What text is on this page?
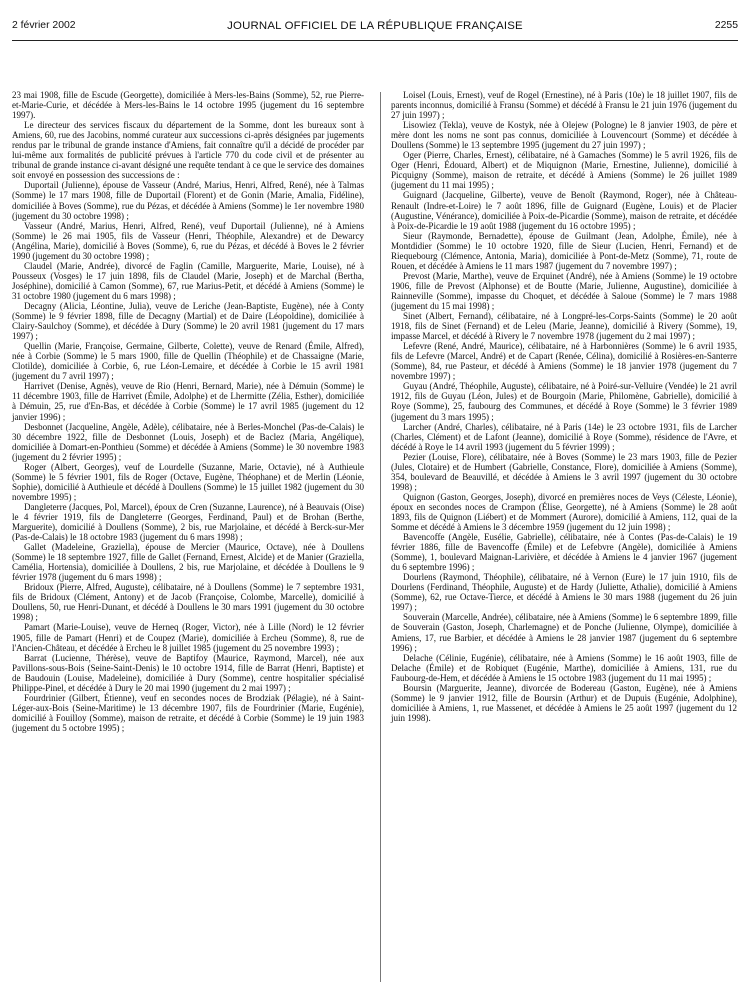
2 février 2002	JOURNAL OFFICIEL DE LA RÉPUBLIQUE FRANÇAISE	2255

23 mai 1908, fille de Escude (Georgette), domiciliée à Mers-les-Bains (Somme), 52, rue Pierre-et-Marie-Curie, et décédée à Mers-les-Bains le 14 octobre 1995 (jugement du 16 septembre 1997).

Le directeur des services fiscaux du département de la Somme, dont les bureaux sont à Amiens, 60, rue des Jacobins, nommé curateur aux successions ci-après désignées par jugements rendus par le tribunal de grande instance d'Amiens, fait connaître qu'il a décidé de procéder par lui-même aux formalités de publicité prévues à l'article 770 du code civil et de présenter au tribunal de grande instance ci-avant désigné une requête tendant à ce que le service des domaines soit envoyé en possession des successions de :

Duportail (Julienne), épouse de Vasseur (André, Marius, Henri, Alfred, René), née à Talmas (Somme) le 17 mars 1908, fille de Duportail (Florent) et de Gonin (Marie, Amalia, Fidéline), domiciliée à Boves (Somme), rue du Pézas, et décédée à Amiens (Somme) le 1er novembre 1980 (jugement du 30 octobre 1998) ;

Vasseur (André, Marius, Henri, Alfred, René), veuf Duportail (Julienne), né à Amiens (Somme) le 26 mai 1905, fils de Vasseur (Henri, Théophile, Alexandre) et de Dewarcy (Angélina, Marie), domicilié à Boves (Somme), 6, rue du Pézas, et décédé à Boves le 2 février 1990 (jugement du 30 octobre 1998) ;

Claudel (Marie, Andrée), divorcé de Faglin (Camille, Marguerite, Marie, Louise), né à Pousseux (Vosges) le 17 juin 1898, fils de Claudel (Marie, Joseph) et de Marchal (Bertha, Joséphine), domicilié à Camon (Somme), 67, rue Marius-Petit, et décédé à Amiens (Somme) le 31 octobre 1980 (jugement du 6 mars 1998) ;

Decagny (Alicia, Léontine, Julia), veuve de Leriche (Jean-Baptiste, Eugène), née à Conty (Somme) le 9 février 1898, fille de Decagny (Martial) et de Daire (Léopoldine), domiciliée à Clairy-Saulchoy (Somme), et décédée à Dury (Somme) le 20 avril 1981 (jugement du 17 mars 1997) ;

Quellin (Marie, Françoise, Germaine, Gilberte, Colette), veuve de Renard (Émile, Alfred), née à Corbie (Somme) le 5 mars 1900, fille de Quellin (Théophile) et de Chassaigne (Marie, Clotilde), domiciliée à Corbie, 6, rue Léon-Lemaire, et décédée à Corbie le 15 avril 1981 (jugement du 7 avril 1997) ;

Harrivet (Denise, Agnès), veuve de Rio (Henri, Bernard, Marie), née à Démuin (Somme) le 11 décembre 1903, fille de Harrivet (Émile, Adolphe) et de Lhermitte (Zélia, Esther), domiciliée à Démuin, 25, rue d'En-Bas, et décédée à Corbie (Somme) le 17 avril 1985 (jugement du 12 janvier 1996) ;

Desbonnet (Jacqueline, Angèle, Adèle), célibataire, née à Berles-Monchel (Pas-de-Calais) le 30 décembre 1922, fille de Desbonnet (Louis, Joseph) et de Baclez (Maria, Angélique), domiciliée à Domart-en-Ponthieu (Somme) et décédée à Amiens (Somme) le 30 novembre 1983 (jugement du 2 février 1995) ;

Roger (Albert, Georges), veuf de Lourdelle (Suzanne, Marie, Octavie), né à Authieule (Somme) le 5 février 1901, fils de Roger (Octave, Eugène, Théophane) et de Merlin (Léonie, Sophie), domicilié à Authieule et décédé à Doullens (Somme) le 15 juillet 1982 (jugement du 30 novembre 1995) ;

Dangleterre (Jacques, Pol, Marcel), époux de Cren (Suzanne, Laurence), né à Beauvais (Oise) le 4 février 1919, fils de Dangleterre (Georges, Ferdinand, Paul) et de Brohan (Berthe, Marguerite), domicilié à Doullens (Somme), 2 bis, rue Marjolaine, et décédé à Berck-sur-Mer (Pas-de-Calais) le 18 octobre 1983 (jugement du 6 mars 1998) ;

Gallet (Madeleine, Graziella), épouse de Mercier (Maurice, Octave), née à Doullens (Somme) le 18 septembre 1927, fille de Gallet (Fernand, Ernest, Alcide) et de Manier (Graziella, Camélia, Hortensia), domiciliée à Doullens, 2 bis, rue Marjolaine, et décédée à Doullens le 9 février 1978 (jugement du 6 mars 1998) ;

Bridoux (Pierre, Alfred, Auguste), célibataire, né à Doullens (Somme) le 7 septembre 1931, fils de Bridoux (Clément, Antony) et de Jacob (Françoise, Colombe, Marcelle), domicilié à Doullens, 50, rue Henri-Dunant, et décédé à Doullens le 30 mars 1991 (jugement du 30 octobre 1998) ;

Pamart (Marie-Louise), veuve de Herneq (Roger, Victor), née à Lille (Nord) le 12 février 1905, fille de Pamart (Henri) et de Coupez (Marie), domiciliée à Ercheu (Somme), 8, rue de l'Ancien-Château, et décédée à Ercheu le 8 juillet 1985 (jugement du 25 novembre 1993) ;

Barrat (Lucienne, Thérèse), veuve de Baptifoy (Maurice, Raymond, Marcel), née aux Pavillons-sous-Bois (Seine-Saint-Denis) le 10 octobre 1914, fille de Barrat (Henri, Baptiste) et de Baudouin (Louise, Madeleine), domiciliée à Dury (Somme), centre hospitalier spécialisé Philippe-Pinel, et décédée à Dury le 20 mai 1990 (jugement du 2 mai 1997) ;

Fourdrinier (Gilbert, Étienne), veuf en secondes noces de Brodziak (Pélagie), né à Saint-Léger-aux-Bois (Seine-Maritime) le 13 décembre 1907, fils de Fourdrinier (Marie, Eugénie), domicilié à Fouilloy (Somme), maison de retraite, et décédé à Corbie (Somme) le 19 juin 1983 (jugement du 5 octobre 1995) ;

Loisel (Louis, Ernest), veuf de Rogel (Ernestine), né à Paris (10e) le 18 juillet 1907, fils de parents inconnus, domicilié à Fransu (Somme) et décédé à Fransu le 21 juin 1976 (jugement du 27 juin 1997) ;

Lisowiez (Tekla), veuve de Kostyk, née à Olejew (Pologne) le 8 janvier 1903, de père et mère dont les noms ne sont pas connus, domiciliée à Louvencourt (Somme) et décédée à Doullens (Somme) le 13 septembre 1995 (jugement du 27 juin 1997) ;

Oger (Pierre, Charles, Ernest), célibataire, né à Gamaches (Somme) le 5 avril 1926, fils de Oger (Henri, Édouard, Albert) et de Miquignon (Marie, Ernestine, Julienne), domicilié à Picquigny (Somme), maison de retraite, et décédé à Amiens (Somme) le 26 juillet 1989 (jugement du 11 mai 1995) ;

Guignard (Jacqueline, Gilberte), veuve de Benoît (Raymond, Roger), née à Château-Renault (Indre-et-Loire) le 7 août 1896, fille de Guignard (Eugène, Louis) et de Placier (Augustine, Vénérance), domiciliée à Poix-de-Picardie (Somme), maison de retraite, et décédée à Poix-de-Picardie le 19 août 1988 (jugement du 16 octobre 1995) ;

Sieur (Raymonde, Bernadette), épouse de Guilmant (Jean, Adolphe, Émile), née à Montdidier (Somme) le 10 octobre 1920, fille de Sieur (Lucien, Henri, Fernand) et de Riequebourg (Clémence, Antonia, Maria), domiciliée à Pont-de-Metz (Somme), 71, route de Rouen, et décédée à Amiens le 11 mars 1987 (jugement du 7 novembre 1997) ;

Prevost (Marie, Marthe), veuve de Erquinet (André), née à Amiens (Somme) le 19 octobre 1906, fille de Prevost (Alphonse) et de Boutte (Marie, Julienne, Augustine), domiciliée à Rainneville (Somme), impasse du Choquet, et décédée à Saloue (Somme) le 7 mars 1988 (jugement du 15 mai 1998) ;

Sinet (Albert, Fernand), célibataire, né à Longpré-les-Corps-Saints (Somme) le 20 août 1918, fils de Sinet (Fernand) et de Leleu (Marie, Jeanne), domicilié à Rivery (Somme), 19, impasse Marcel, et décédé à Rivery le 7 novembre 1978 (jugement du 2 mai 1997) ;

Lefevre (René, André, Maurice), célibataire, né à Harbonnières (Somme) le 6 avril 1935, fils de Lefevre (Marcel, André) et de Capart (Renée, Célina), domicilié à Rosières-en-Santerre (Somme), 84, rue Pasteur, et décédé à Amiens (Somme) le 18 janvier 1978 (jugement du 7 novembre 1997) ;

Guyau (André, Théophile, Auguste), célibataire, né à Poiré-sur-Velluire (Vendée) le 21 avril 1912, fils de Guyau (Léon, Jules) et de Bourgoin (Marie, Philomène, Gabrielle), domicilié à Roye (Somme), 25, faubourg des Communes, et décédé à Roye (Somme) le 3 février 1989 (jugement du 3 mars 1995) ;

Larcher (André, Charles), célibataire, né à Paris (14e) le 23 octobre 1931, fils de Larcher (Charles, Clément) et de Lafont (Jeanne), domicilié à Roye (Somme), résidence de l'Avre, et décédé à Roye le 14 avril 1993 (jugement du 5 février 1999) ;

Pezier (Louise, Flore), célibataire, née à Boves (Somme) le 23 mars 1903, fille de Pezier (Jules, Clotaire) et de Humbert (Gabrielle, Constance, Flore), domiciliée à Amiens (Somme), 354, boulevard de Beauvillé, et décédée à Amiens le 3 avril 1997 (jugement du 30 octobre 1998) ;

Quignon (Gaston, Georges, Joseph), divorcé en premières noces de Veys (Céleste, Léonie), époux en secondes noces de Crampon (Élise, Georgette), né à Amiens (Somme) le 28 août 1893, fils de Quignon (Liébert) et de Mommert (Aurore), domicilié à Amiens, 112, quai de la Somme et décédé à Amiens le 3 décembre 1959 (jugement du 12 juin 1998) ;

Bavencoffe (Angèle, Eusélie, Gabrielle), célibataire, née à Contes (Pas-de-Calais) le 19 février 1886, fille de Bavencoffe (Émile) et de Lefebvre (Angèle), domiciliée à Amiens (Somme), 1, boulevard Maignan-Larivière, et décédée à Amiens le 4 janvier 1967 (jugement du 6 septembre 1996) ;

Dourlens (Raymond, Théophile), célibataire, né à Vernon (Eure) le 17 juin 1910, fils de Dourlens (Ferdinand, Théophile, Auguste) et de Hardy (Juliette, Athalie), domicilié à Amiens (Somme), 62, rue Octave-Tierce, et décédé à Amiens le 30 mars 1988 (jugement du 26 juin 1997) ;

Souverain (Marcelle, Andrée), célibataire, née à Amiens (Somme) le 6 septembre 1899, fille de Souverain (Gaston, Joseph, Charlemagne) et de Ponche (Julienne, Olympe), domiciliée à Amiens, 17, rue Barbier, et décédée à Amiens le 28 janvier 1987 (jugement du 6 septembre 1996) ;

Delache (Célinie, Eugénie), célibataire, née à Amiens (Somme) le 16 août 1903, fille de Delache (Émile) et de Robiquet (Eugénie, Marthe), domiciliée à Amiens, 131, rue du Faubourg-de-Hem, et décédée à Amiens le 15 octobre 1983 (jugement du 11 mai 1995) ;

Boursin (Marguerite, Jeanne), divorcée de Bodereau (Gaston, Eugène), née à Amiens (Somme) le 9 janvier 1912, fille de Boursin (Arthur) et de Dupuis (Eugénie, Adolphine), domiciliée à Amiens, 1, rue Massenet, et décédée à Amiens le 25 août 1997 (jugement du 12 juin 1998).
